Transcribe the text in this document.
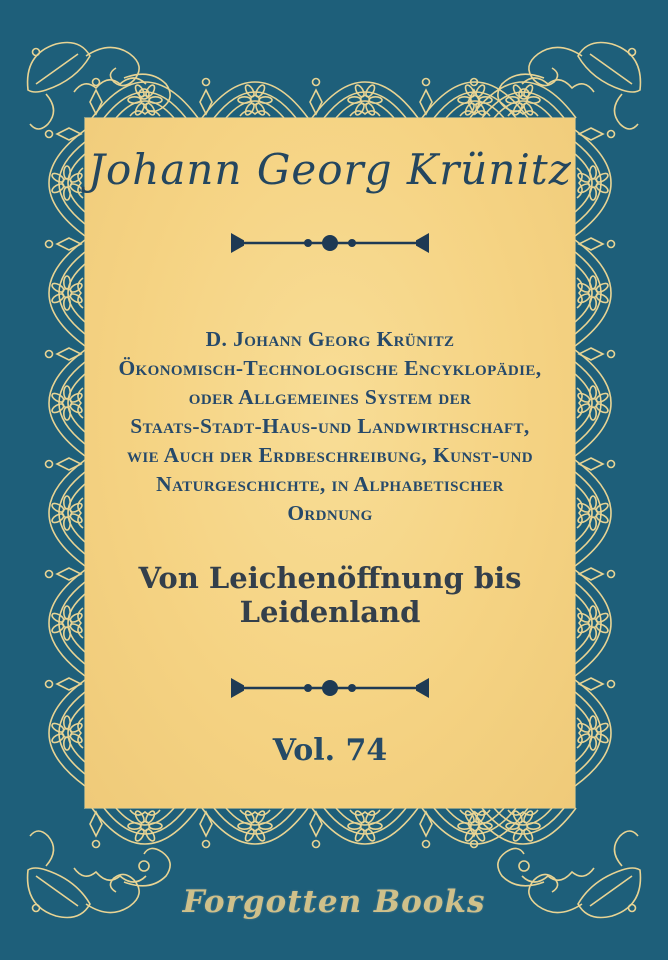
Johann Georg Krünitz
D. Johann Georg Krünitz
Ökonomisch-Technologische Encyklopädie,
oder Allgemeines System der
Staats-Stadt-Haus-und Landwirthschaft,
wie Auch der Erdbeschreibung, Kunst-und
Naturgeschichte, in Alphabetischer
Ordnung
Von Leichenöffnung bis Leidenland
Vol. 74
Forgotten Books
